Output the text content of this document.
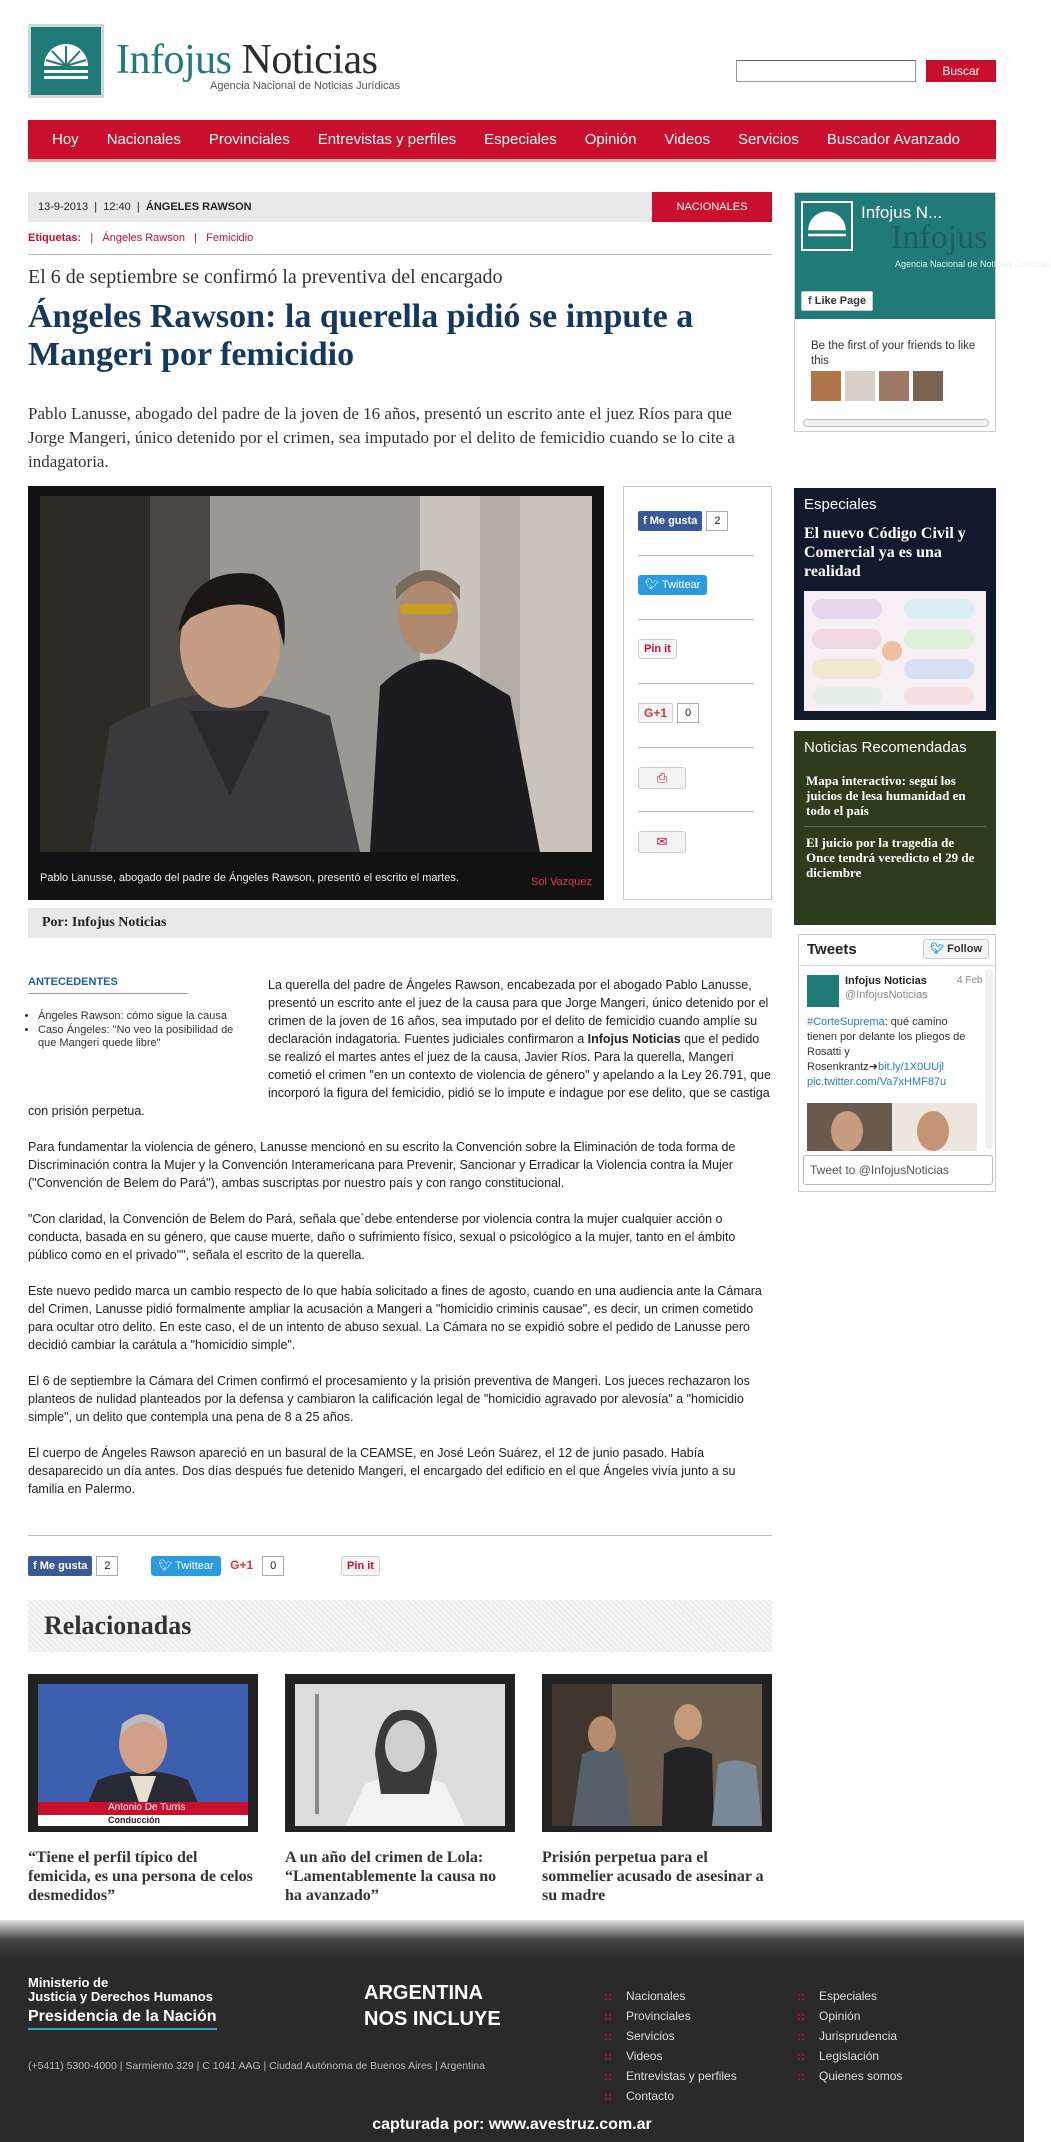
Infojus Noticias
Agencia Nacional de Noticias Jurídicas
Buscar
Hoy	Nacionales	Provinciales	Entrevistas y perfiles	Especiales	Opinión	Videos	Servicios	Buscador Avanzado
13-9-2013  |  12:40  |  ÁNGELES RAWSON	NACIONALES
Etiquetas:   |   Ángeles Rawson   |   Femicidio
El 6 de septiembre se confirmó la preventiva del encargado
Ángeles Rawson: la querella pidió se impute a Mangeri por femicidio
Pablo Lanusse, abogado del padre de la joven de 16 años, presentó un escrito ante el juez Ríos para que Jorge Mangeri, único detenido por el crimen, sea imputado por el delito de femicidio cuando se lo cite a indagatoria.
Pablo Lanusse, abogado del padre de Ángeles Rawson, presentó el escrito el martes.	Sol Vazquez
f Me gusta 2
🐦︎ Twittear
Pin it
G+1 0
⎙
✉
Por: Infojus Noticias
ANTECEDENTES
• Ángeles Rawson: cómo sigue la causa
• Caso Ángeles: "No veo la posibilidad de que Mangeri quede libre"

La querella del padre de Ángeles Rawson, encabezada por el abogado Pablo Lanusse, presentó un escrito ante el juez de la causa para que Jorge Mangeri, único detenido por el crimen de la joven de 16 años, sea imputado por el delito de femicidio cuando amplíe su declaración indagatoria. Fuentes judiciales confirmaron a Infojus Noticias que el pedido se realizó el martes antes el juez de la causa, Javier Ríos. Para la querella, Mangeri cometió el crimen "en un contexto de violencia de género" y apelando a la Ley 26.791, que incorporó la figura del femicidio, pidió se lo impute e indague por ese delito, que se castiga con prisión perpetua.

Para fundamentar la violencia de género, Lanusse mencionó en su escrito la Convención sobre la Eliminación de toda forma de Discriminación contra la Mujer y la Convención Interamericana para Prevenir, Sancionar y Erradicar la Violencia contra la Mujer ("Convención de Belem do Pará"), ambas suscriptas por nuestro país y con rango constitucional.

"Con claridad, la Convención de Belem do Pará, señala que`debe entenderse por violencia contra la mujer cualquier acción o conducta, basada en su género, que cause muerte, daño o sufrimiento físico, sexual o psicológico a la mujer, tanto en el ámbito público como en el privado"", señala el escrito de la querella.

Este nuevo pedido marca un cambio respecto de lo que había solicitado a fines de agosto, cuando en una audiencia ante la Cámara del Crimen, Lanusse pidió formalmente ampliar la acusación a Mangeri a "homicidio criminis causae", es decir, un crimen cometido para ocultar otro delito. En este caso, el de un intento de abuso sexual. La Cámara no se expidió sobre el pedido de Lanusse pero decidió cambiar la carátula a "homicidio simple".

El 6 de septiembre la Cámara del Crimen confirmó el procesamiento y la prisión preventiva de Mangeri. Los jueces rechazaron los planteos de nulidad planteados por la defensa y cambiaron la calificación legal de "homicidio agravado por alevosía" a "homicidio simple", un delito que contempla una pena de 8 a 25 años.

El cuerpo de Ángeles Rawson apareció en un basural de la CEAMSE, en José León Suárez, el 12 de junio pasado. Había desaparecido un día antes. Dos días después fue detenido Mangeri, el encargado del edificio en el que Ángeles vivía junto a su familia en Palermo.

f Me gusta 2	🐦︎ Twittear G+1 0	Pin it
Relacionadas
Antonio De Turris
Conducción
“Tiene el perfil típico del femicida, es una persona de celos desmedidos”
A un año del crimen de Lola: “Lamentablemente la causa no ha avanzado”
Prisión perpetua para el sommelier acusado de asesinar a su madre
Infojus N...
Infojus
Agencia Nacional de Noticias Jurídicas
f Like Page
Be the first of your friends to like this
Especiales
El nuevo Código Civil y Comercial ya es una realidad
Noticias Recomendadas
Mapa interactivo: seguí los juicios de lesa humanidad en todo el país
El juicio por la tragedia de Once tendrá veredicto el 29 de diciembre
Tweets	🐦︎ Follow
Infojus Noticias	4 Feb
@InfojusNoticias
#CorteSuprema: qué camino tienen por delante los pliegos de Rosatti y Rosenkrantz➜bit.ly/1X0UUjl
pic.twitter.com/Va7xHMF87u
Tweet to @InfojusNoticias
Ministerio de
Justicia y Derechos Humanos
Presidencia de la Nación
ARGENTINA
NOS INCLUYE
(+5411) 5300-4000 | Sarmiento 329 | C 1041 AAG | Ciudad Autónoma de Buenos Aires | Argentina
:: Nacionales
:: Provinciales
:: Servicios
:: Videos
:: Entrevistas y perfiles
:: Contacto
:: Especiales
:: Opinión
:: Jurisprudencia
:: Legislación
:: Quienes somos
capturada por: www.avestruz.com.ar
